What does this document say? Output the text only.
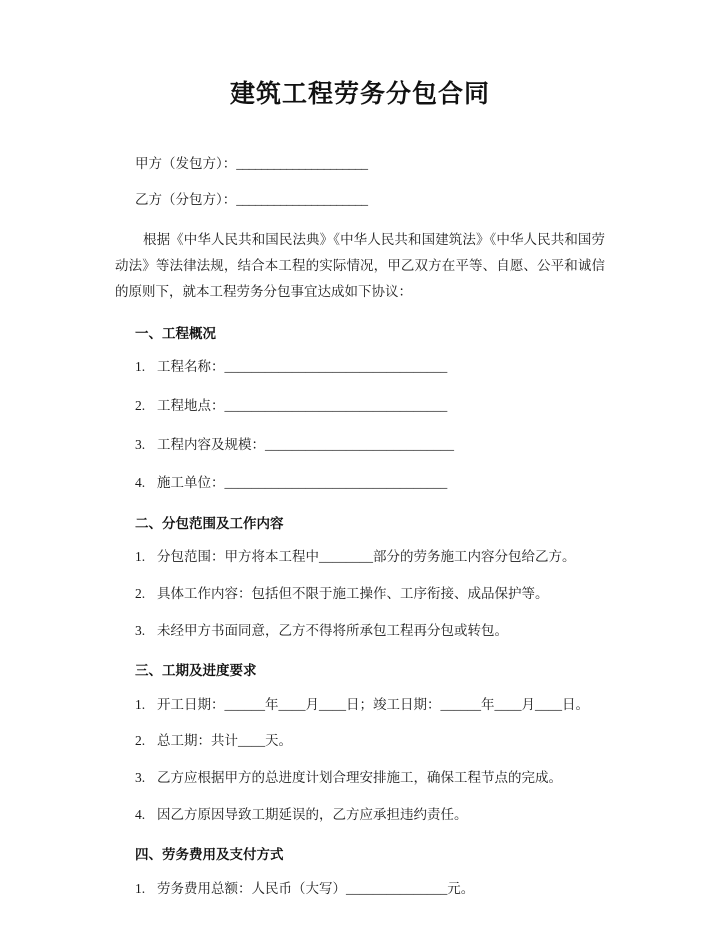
建筑工程劳务分包合同

甲方（发包方）：_____________________

乙方（分包方）：_____________________

根据《中华人民共和国民法典》《中华人民共和国建筑法》《中华人民共和国劳动法》等法律法规，结合本工程的实际情况，甲乙双方在平等、自愿、公平和诚信的原则下，就本工程劳务分包事宜达成如下协议：

一、工程概况
1. 工程名称：_________________________________
2. 工程地点：_________________________________
3. 工程内容及规模：____________________________
4. 施工单位：_________________________________
二、分包范围及工作内容
1. 分包范围：甲方将本工程中________部分的劳务施工内容分包给乙方。
2. 具体工作内容：包括但不限于施工操作、工序衔接、成品保护等。
3. 未经甲方书面同意，乙方不得将所承包工程再分包或转包。
三、工期及进度要求
1. 开工日期：______年____月____日；竣工日期：______年____月____日。
2. 总工期：共计____天。
3. 乙方应根据甲方的总进度计划合理安排施工，确保工程节点的完成。
4. 因乙方原因导致工期延误的，乙方应承担违约责任。
四、劳务费用及支付方式
1. 劳务费用总额：人民币（大写）_______________元。
